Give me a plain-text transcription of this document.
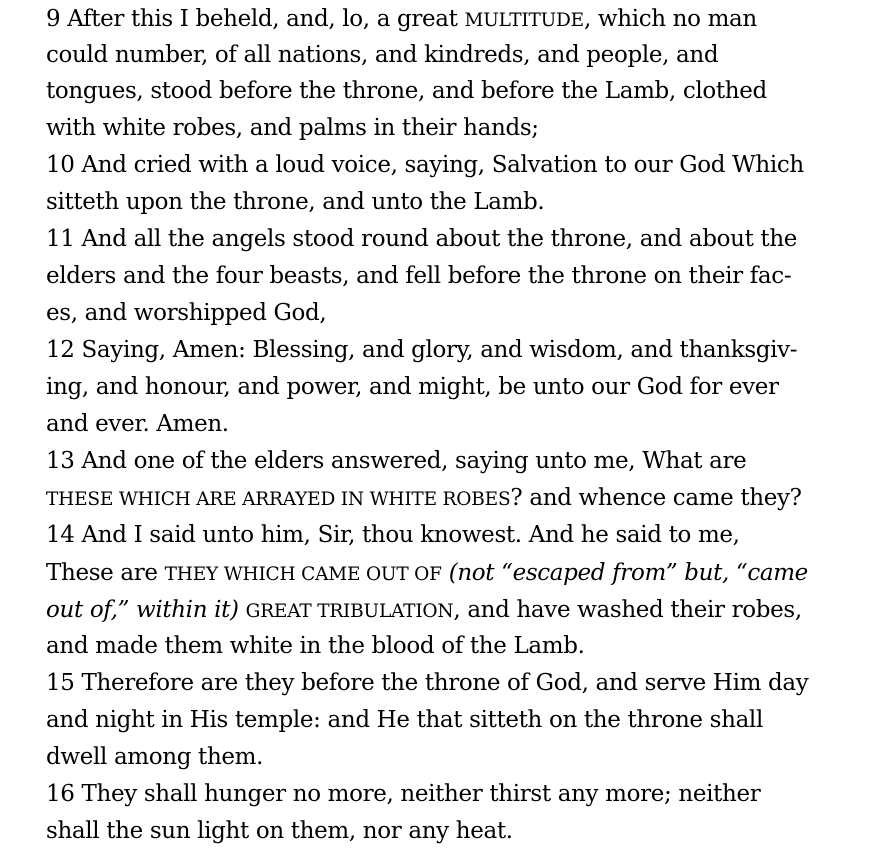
9 After this I beheld, and, lo, a great MULTITUDE, which no man
could number, of all nations, and kindreds, and people, and
tongues, stood before the throne, and before the Lamb, clothed
with white robes, and palms in their hands;
10 And cried with a loud voice, saying, Salvation to our God Which
sitteth upon the throne, and unto the Lamb.
11 And all the angels stood round about the throne, and about the
elders and the four beasts, and fell before the throne on their fac-
es, and worshipped God,
12 Saying, Amen: Blessing, and glory, and wisdom, and thanksgiv-
ing, and honour, and power, and might, be unto our God for ever
and ever. Amen.
13 And one of the elders answered, saying unto me, What are
THESE WHICH ARE ARRAYED IN WHITE ROBES? and whence came they?
14 And I said unto him, Sir, thou knowest. And he said to me,
These are THEY WHICH CAME OUT OF (not “escaped from” but, “came
out of,” within it) GREAT TRIBULATION, and have washed their robes,
and made them white in the blood of the Lamb.
15 Therefore are they before the throne of God, and serve Him day
and night in His temple: and He that sitteth on the throne shall
dwell among them.
16 They shall hunger no more, neither thirst any more; neither
shall the sun light on them, nor any heat.
